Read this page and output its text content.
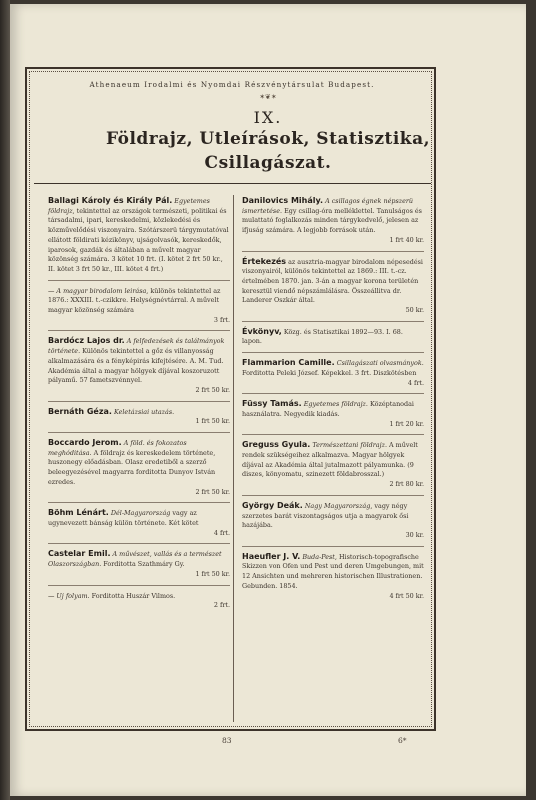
Athenaeum Irodalmi és Nyomdai Részvénytársulat Budapest.
✶❦✶
IX.
Földrajz, Utleírások, Statisztika,
Csillagászat.
Ballagi Károly és Király Pál. Egyetemes földrajz, tekintettel az országok természeti, politikai és társadalmi, ipari, kereskedelmi, közlekedési és közművelődési viszonyaira. Szótárszerü tárgymutatóval ellátott földirati kézikönyv, ujságolvasók, kereskedők, iparosok, gazdák és általában a művelt magyar közönség számára. 3 kötet 10 frt. (I. kötet 2 frt 50 kr., II. kötet 3 frt 50 kr., III. kötet 4 frt.)
— A magyar birodalom leirása, különös tekintettel az 1876.: XXXIII. t.-czikkre. Helységnévtárral. A művelt magyar közönség számára
3 frt.
Bardócz Lajos dr. A felfedezések és találmányok története. Különös tekintettel a gőz és villanyosság alkalmazására és a fényképirás kifejtésére. A. M. Tud. Akadémia által a magyar hölgyek díjával koszoruzott pályamű. 57 fametszvénnyel.
2 frt 50 kr.
Bernáth Géza. Keletázsiai utazás.
1 frt 50 kr.
Boccardo Jerom. A föld. és fokozatos meghóditása. A földrajz és kereskedelem története, huszonegy előadásban. Olasz eredetiből a szerző beleegyezésével magyarra forditotta Dunyov István ezredes.
2 frt 50 kr.
Böhm Lénárt. Dél-Magyarország vagy az ugynevezett bánság külön története. Két kötet
4 frt.
Castelar Emil. A művészet, vallás és a természet Olaszországban. Forditotta Szathmáry Gy.
1 frt 50 kr.
— Uj folyam. Forditotta Huszár Vilmos.
2 frt.
Danilovics Mihály. A csillagos égnek népszerü ismertetése. Egy csillag-óra melléklettel. Tanulságos és mulattató foglalkozás minden tárgykedvelő, jelesen az ifjuság számára. A legjobb források után.
1 frt 40 kr.
Értekezés az ausztria-magyar birodalom népesedési viszonyairól, különös tekintettel az 1869.: III. t.-cz. értelmében 1870. jan. 3-án a magyar korona területén keresztül viendő népszámlálásra. Összeállitva dr. Landerer Oszkár által.
50 kr.
Évkönyv, Közg. és Statisztikai 1892—93. I. 68. lapon.
Flammarion Camille. Csillagászati olvasmányok. Forditotta Peleki József. Képekkel. 3 frt. Diszkötésben
4 frt.
Füssy Tamás. Egyetemes földrajz. Középtanodai használatra. Negyedik kiadás.
1 frt 20 kr.
Greguss Gyula. Természettani földrajz. A művelt rendek szükségeihez alkalmazva. Magyar hölgyek díjával az Akadémia által jutalmazott pályamunka. (9 diszes, könyomatu, szinezett földabrosszal.)
2 frt 80 kr.
György Deák. Nagy Magyarország, vagy négy szerzetes barát viszontagságos utja a magyarok ősi hazájába.
30 kr.
Haeufler J. V. Buda-Pest, Historisch-topografische Skizzen von Ofen und Pest und deren Umgebungen, mit 12 Ansichten und mehreren historischen Illustrationen. Gebunden. 1854.
4 frt 50 kr.
83	6*
